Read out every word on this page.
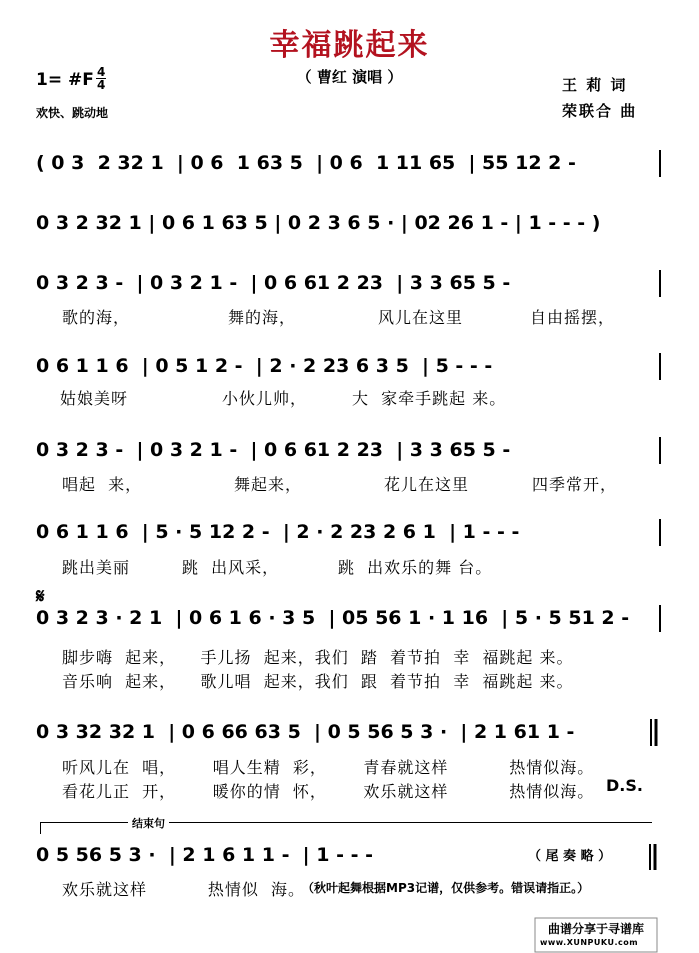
幸福跳起来
（ 曹红 演唱 ）
1= #F 4
4
欢快、跳动地
王 莉 词
荣联合 曲
( 0 3  2 32 1  | 0 6  1 63 5  | 0 6  1 11 65  | 55 12 2 -
0 3 2 32 1 | 0 6 1 63 5 | 0 2 3 6 5 · | 02 26 1 - | 1 - - - )
0 3 2 3 -  | 0 3 2 1 -  | 0 6 61 2 23  | 3 3 65 5 -
歌的海，	舞的海，	风儿在这里	自由摇摆，
0 6 1 1 6  | 0 5 1 2 -  | 2 · 2 23 6 3 5  | 5 - - -
姑娘美呀	小伙儿帅，	大  家牵手跳起 来。
0 3 2 3 -  | 0 3 2 1 -  | 0 6 61 2 23  | 3 3 65 5 -
唱起  来，	舞起来，	花儿在这里	四季常开，
0 6 1 1 6  | 5 · 5 12 2 -  | 2 · 2 23 2 6 1  | 1 - - -
跳出美丽	跳  出风采，	跳  出欢乐的舞 台。
𝄋
0 3 2 3 · 2 1  | 0 6 1 6 · 3 5  | 05 56 1 · 1 16  | 5 · 5 51 2 -
脚步嗨  起来，    手儿扬  起来，我们  踏  着节拍  幸  福跳起 来。
音乐响  起来，    歌儿唱  起来，我们  跟  着节拍  幸  福跳起 来。
0 3 32 32 1  | 0 6 66 63 5  | 0 5 56 5 3 ·  | 2 1 61 1 -
听风儿在  唱，      唱人生精  彩，      青春就这样          热情似海。
看花儿正  开，      暖你的情  怀，      欢乐就这样          热情似海。 D.S.
结束句
0 5 56 5 3 ·  | 2 1 6 1 1 -  | 1 - - -	（ 尾 奏 略 ）
欢乐就这样          热情似  海。
（秋叶起舞根据MP3记谱，仅供参考。错误请指正。）
曲谱分享于寻谱库
www.XUNPUKU.com
